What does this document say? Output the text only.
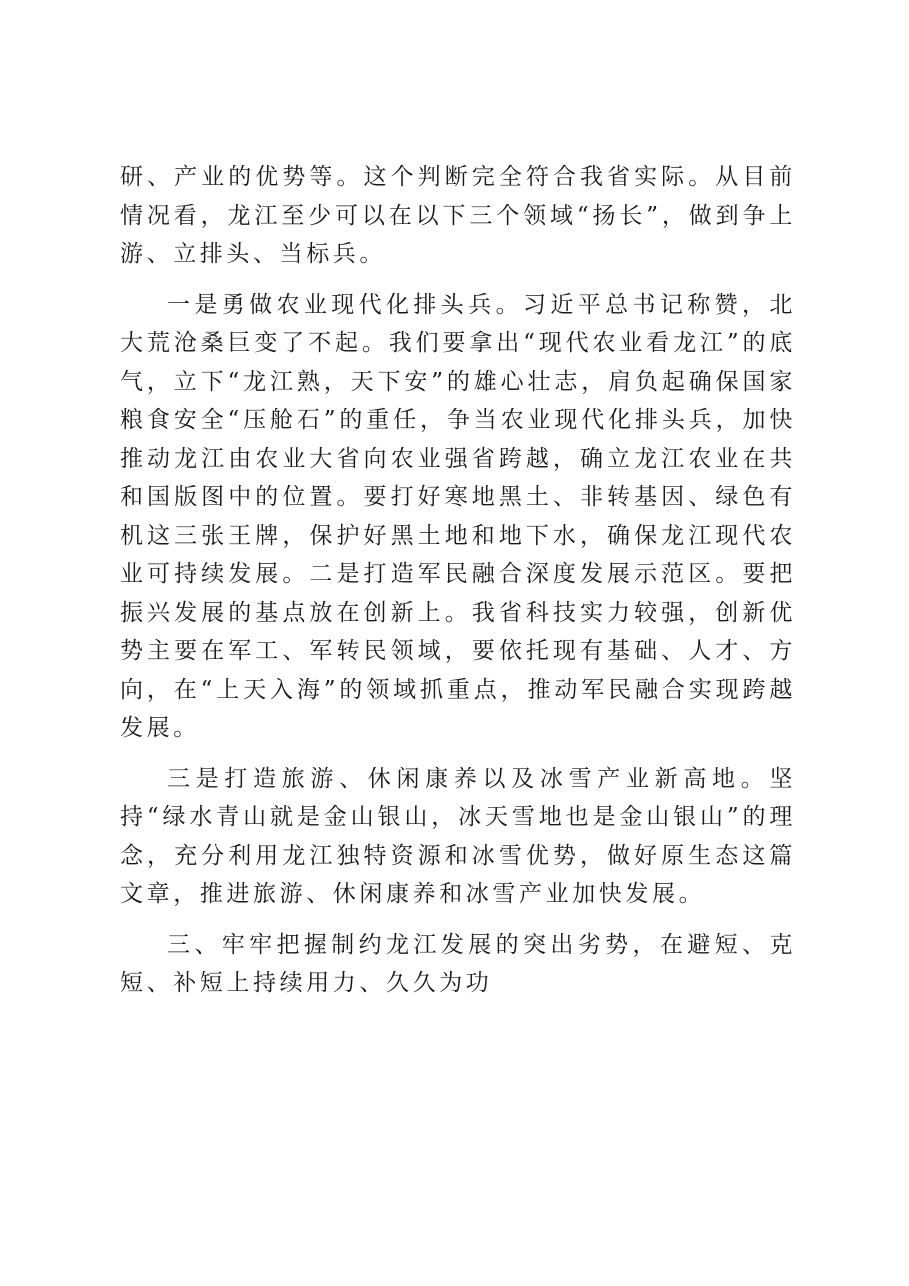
研、产业的优势等。这个判断完全符合我省实际。从目前情况看，龙江至少可以在以下三个领域“扬长”，做到争上游、立排头、当标兵。

一是勇做农业现代化排头兵。习近平总书记称赞，北大荒沧桑巨变了不起。我们要拿出“现代农业看龙江”的底气，立下“龙江熟，天下安”的雄心壮志，肩负起确保国家粮食安全“压舱石”的重任，争当农业现代化排头兵，加快推动龙江由农业大省向农业强省跨越，确立龙江农业在共和国版图中的位置。要打好寒地黑土、非转基因、绿色有机这三张王牌，保护好黑土地和地下水，确保龙江现代农业可持续发展。二是打造军民融合深度发展示范区。要把振兴发展的基点放在创新上。我省科技实力较强，创新优势主要在军工、军转民领域，要依托现有基础、人才、方向，在“上天入海”的领域抓重点，推动军民融合实现跨越发展。

三是打造旅游、休闲康养以及冰雪产业新高地。坚持“绿水青山就是金山银山，冰天雪地也是金山银山”的理念，充分利用龙江独特资源和冰雪优势，做好原生态这篇文章，推进旅游、休闲康养和冰雪产业加快发展。

三、牢牢把握制约龙江发展的突出劣势，在避短、克短、补短上持续用力、久久为功
